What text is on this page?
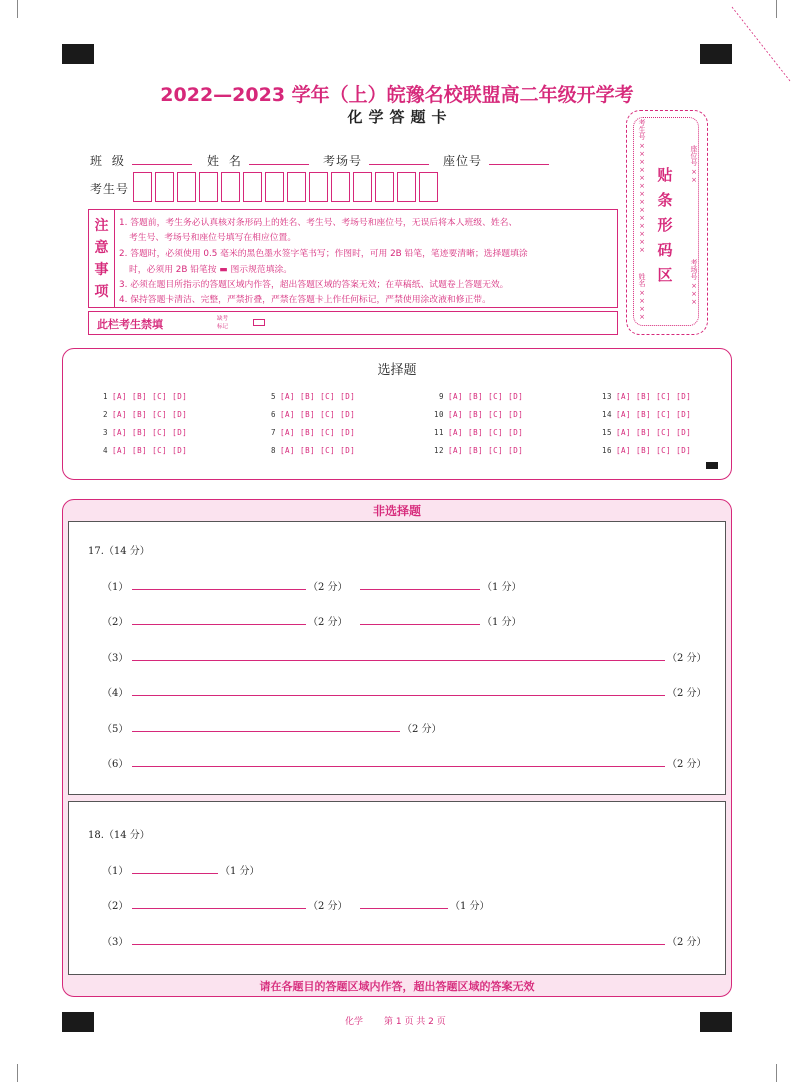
2022—2023 学年（上）皖豫名校联盟高二年级开学考
化学答题卡
班 级	姓 名	考场号	座位号
考生号
注
意
事
项
1. 答题前，考生务必认真核对条形码上的姓名、考生号、考场号和座位号，无误后将本人班级、姓名、
考生号、考场号和座位号填写在相应位置。
2. 答题时，必须使用 0.5 毫米的黑色墨水签字笔书写；作图时，可用 2B 铅笔，笔迹要清晰；选择题填涂
时，必须用 2B 铅笔按 ▬ 图示规范填涂。
3. 必须在题目所指示的答题区域内作答，超出答题区域的答案无效；在草稿纸、试题卷上答题无效。
4. 保持答题卡清洁、完整，严禁折叠，严禁在答题卡上作任何标记，严禁使用涂改液和修正带。
此栏考生禁填	缺考
标记
姓名 ××××
考生号 ××××××××××××××	座位号 ××
考场号 ×××
贴
条
形
码
区
选择题
1 [A] [B] [C] [D]
2 [A] [B] [C] [D]
3 [A] [B] [C] [D]
4 [A] [B] [C] [D]
5 [A] [B] [C] [D]
6 [A] [B] [C] [D]
7 [A] [B] [C] [D]
8 [A] [B] [C] [D]
9 [A] [B] [C] [D]
10 [A] [B] [C] [D]
11 [A] [B] [C] [D]
12 [A] [B] [C] [D]
13 [A] [B] [C] [D]
14 [A] [B] [C] [D]
15 [A] [B] [C] [D]
16 [A] [B] [C] [D]
非选择题
17.（14 分）
（1）	（2 分）	（1 分）
（2）	（2 分）	（1 分）
（3）	（2 分）
（4）	（2 分）
（5）	（2 分）
（6）	（2 分）
18.（14 分）
（1）	（1 分）
（2）	（2 分）	（1 分）
（3）	（2 分）
请在各题目的答题区域内作答，超出答题区域的答案无效
化学 第 1 页 共 2 页
